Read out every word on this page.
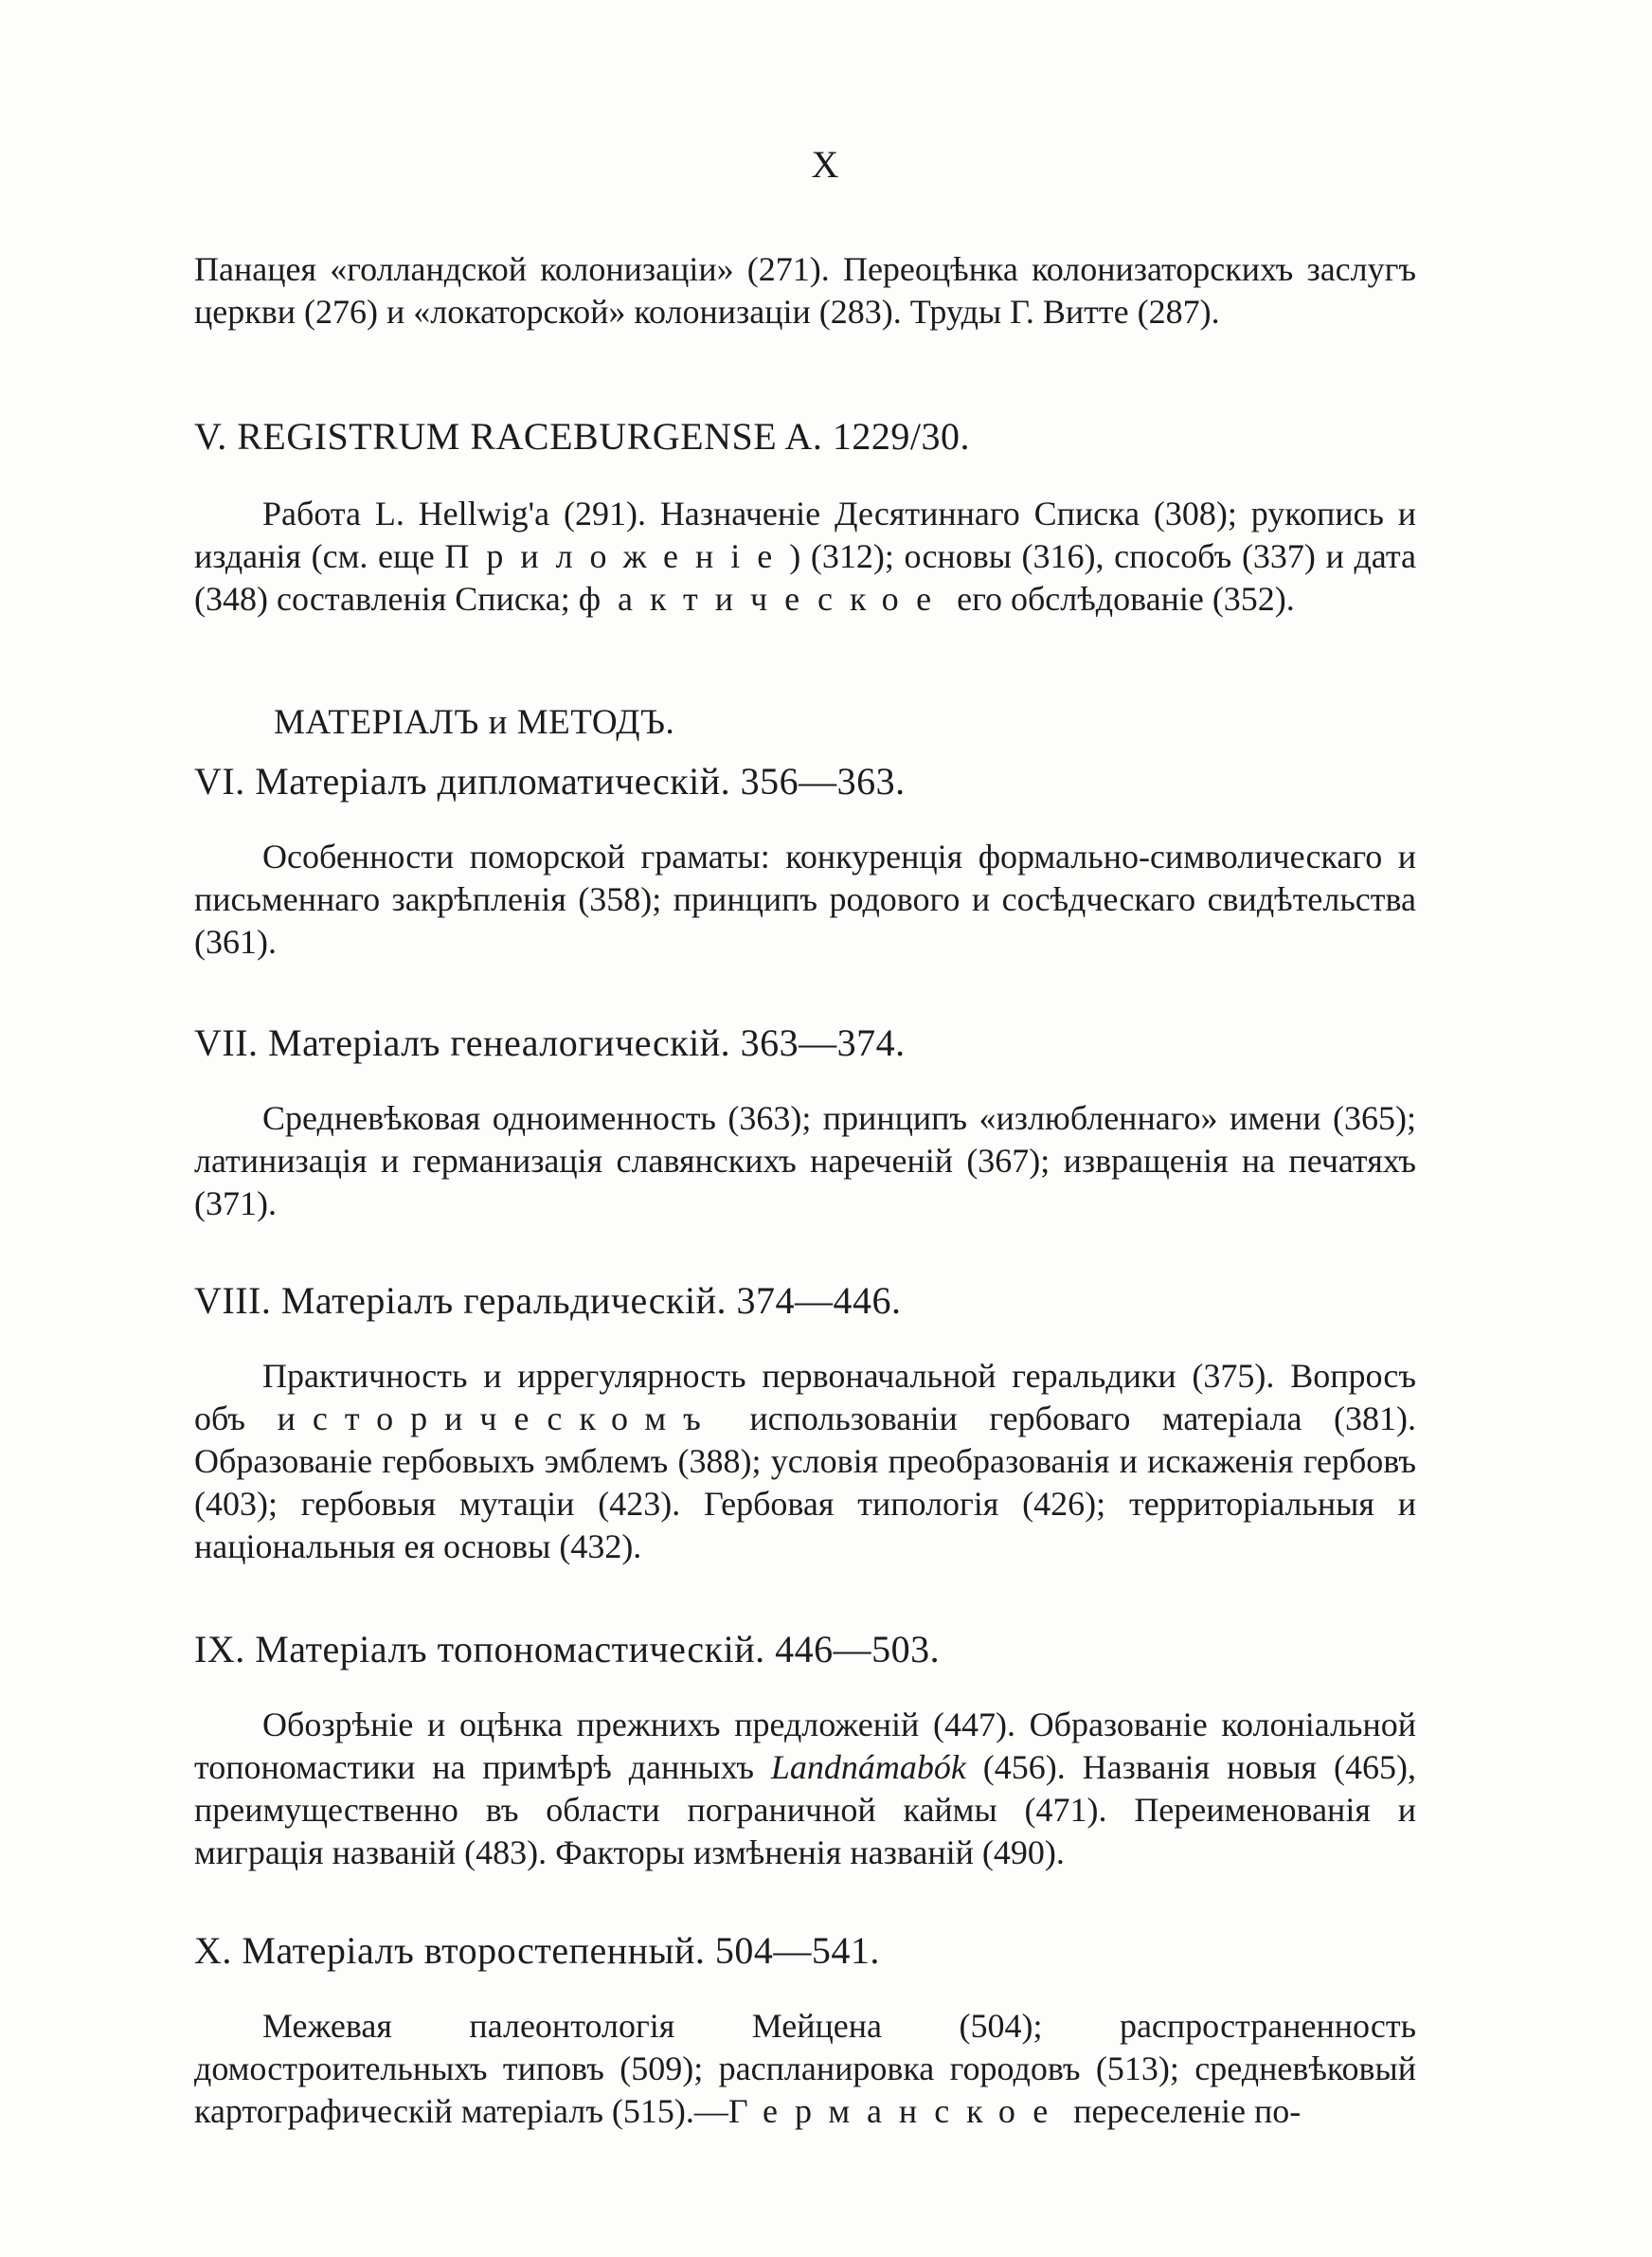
X

Панацея «голландской колонизаціи» (271). Переоцѣнка колонизаторскихъ заслугъ церкви (276) и «локаторской» колонизаціи (283). Труды Г. Витте (287).

V. REGISTRUM RACEBURGENSE A. 1229/30.

Работа L. Hellwig'a (291). Назначеніе Десятиннаго Списка (308); рукопись и изданія (см. еще Приложеніе) (312); основы (316), способъ (337) и дата (348) составленія Списка; фактическое его обслѣдованіе (352).

МАТЕРІАЛЪ и МЕТОДЪ.
VI. Матеріалъ дипломатическій. 356—363.

Особенности поморской граматы: конкуренція формально-символическаго и письменнаго закрѣпленія (358); принципъ родового и сосѣдческаго свидѣтельства (361).

VII. Матеріалъ генеалогическій. 363—374.

Средневѣковая одноименность (363); принципъ «излюбленнаго» имени (365); латинизація и германизація славянскихъ нареченій (367); извращенія на печатяхъ (371).

VIII. Матеріалъ геральдическій. 374—446.

Практичность и иррегулярность первоначальной геральдики (375). Вопросъ объ историческомъ использованіи гербоваго матеріала (381). Образованіе гербовыхъ эмблемъ (388); условія преобразованія и искаженія гербовъ (403); гербовыя мутаціи (423). Гербовая типологія (426); территоріальныя и національныя ея основы (432).

IX. Матеріалъ топономастическій. 446—503.

Обозрѣніе и оцѣнка прежнихъ предложеній (447). Образованіе колоніальной топономастики на примѣрѣ данныхъ Landnámabók (456). Названія новыя (465), преимущественно въ области пограничной каймы (471). Переименованія и миграція названій (483). Факторы измѣненія названій (490).

X. Матеріалъ второстепенный. 504—541.

Межевая палеонтологія Мейцена (504); распространенность домостроительныхъ типовъ (509); распланировка городовъ (513); средневѣковый картографическій матеріалъ (515).—Германское переселеніе по-
